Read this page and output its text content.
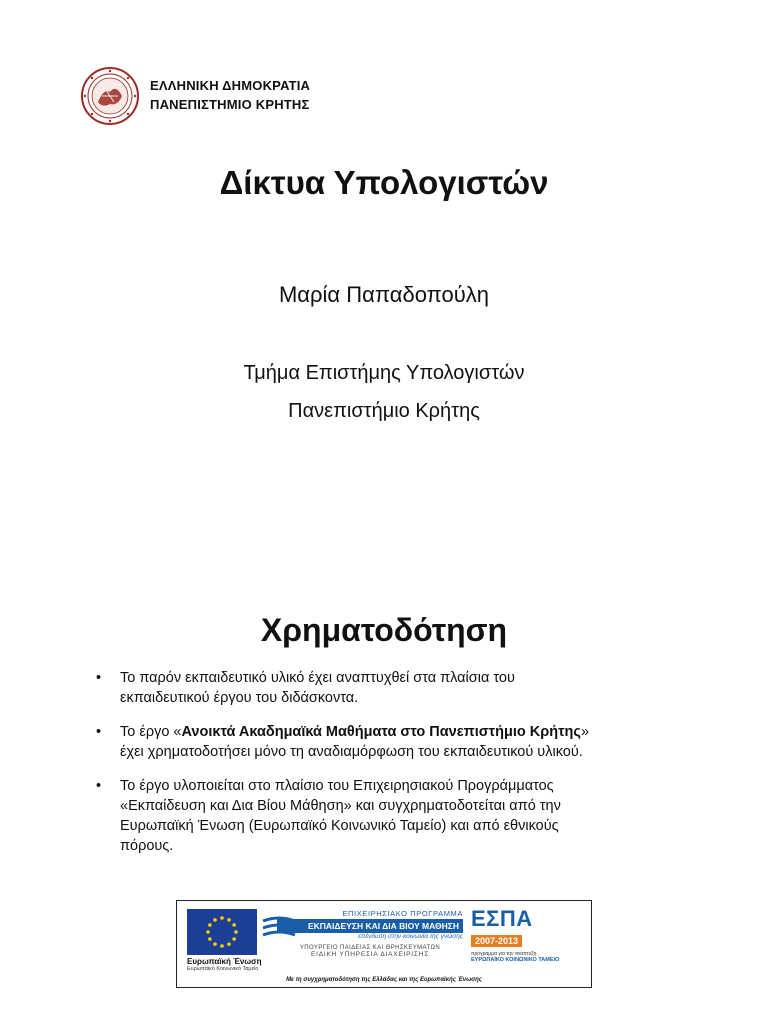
ΕΛΛΗΝΙΚΗ ΔΗΜΟΚΡΑΤΙΑ
ΠΑΝΕΠΙΣΤΗΜΙΟ ΚΡΗΤΗΣ
Δίκτυα Υπολογιστών
Μαρία Παπαδοπούλη
Τμήμα Επιστήμης Υπολογιστών
Πανεπιστήμιο Κρήτης
Χρηματοδότηση
• Το παρόν εκπαιδευτικό υλικό έχει αναπτυχθεί στα πλαίσια του
εκπαιδευτικού έργου του διδάσκοντα.
• Το έργο «Ανοικτά Ακαδημαϊκά Μαθήματα στο Πανεπιστήμιο Κρήτης»
έχει χρηματοδοτήσει μόνο τη αναδιαμόρφωση του εκπαιδευτικού υλικού.
• Το έργο υλοποιείται στο πλαίσιο του Επιχειρησιακού Προγράμματος
«Εκπαίδευση και Δια Βίου Μάθηση» και συγχρηματοδοτείται από την
Ευρωπαϊκή Ένωση (Ευρωπαϊκό Κοινωνικό Ταμείο) και από εθνικούς
πόρους.
Ευρωπαϊκή Ένωση
Ευρωπαϊκό Κοινωνικό Ταμείο
ΕΠΙΧΕΙΡΗΣΙΑΚΟ ΠΡΟΓΡΑΜΜΑ
ΕΚΠΑΙΔΕΥΣΗ ΚΑΙ ΔΙΑ ΒΙΟΥ ΜΑΘΗΣΗ
επένδυση στην κοινωνία της γνώσης
ΥΠΟΥΡΓΕΙΟ ΠΑΙΔΕΙΑΣ ΚΑΙ ΘΡΗΣΚΕΥΜΑΤΩΝ
ΕΙΔΙΚΗ ΥΠΗΡΕΣΙΑ ΔΙΑΧΕΙΡΙΣΗΣ
ΕΣΠΑ
2007-2013
πρόγραμμα για την ανάπτυξη
ΕΥΡΩΠΑΪΚΟ ΚΟΙΝΩΝΙΚΟ ΤΑΜΕΙΟ
Με τη συγχρηματοδότηση της Ελλάδας και της Ευρωπαϊκής Ένωσης
